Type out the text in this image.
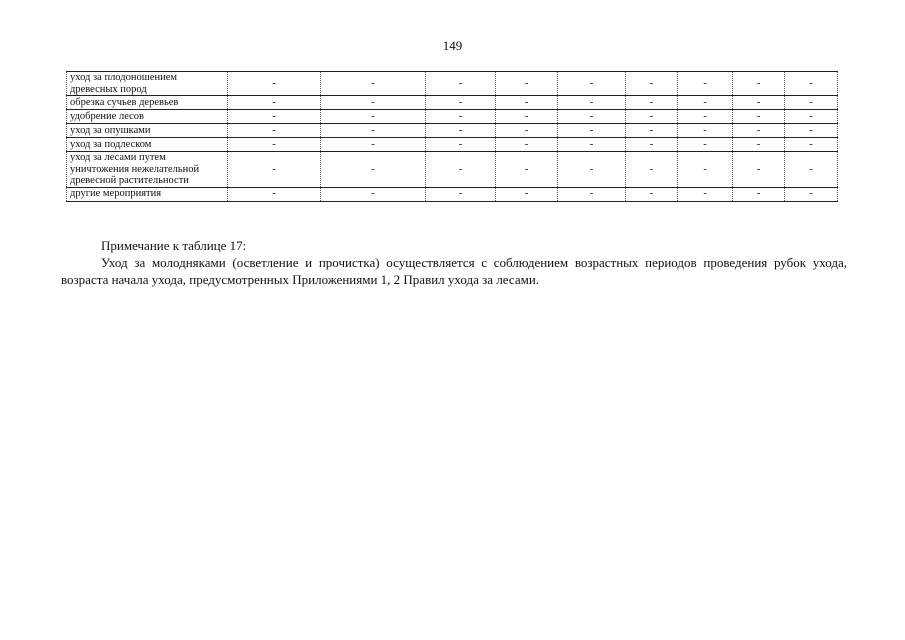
149
уход за плодоношением древесных пород	-	-	-	-	-	-	-	-	-
обрезка сучьев деревьев	-	-	-	-	-	-	-	-	-
удобрение лесов	-	-	-	-	-	-	-	-	-
уход за опушками	-	-	-	-	-	-	-	-	-
уход за подлеском	-	-	-	-	-	-	-	-	-
уход за лесами путем уничтожения нежелательной древесной растительности	-	-	-	-	-	-	-	-	-
другие мероприятия	-	-	-	-	-	-	-	-	-
Примечание к таблице 17:
Уход за молодняками (осветление и прочистка) осуществляется с соблюдением возрастных периодов проведения рубок ухода, возраста начала ухода, предусмотренных Приложениями 1, 2 Правил ухода за лесами.
